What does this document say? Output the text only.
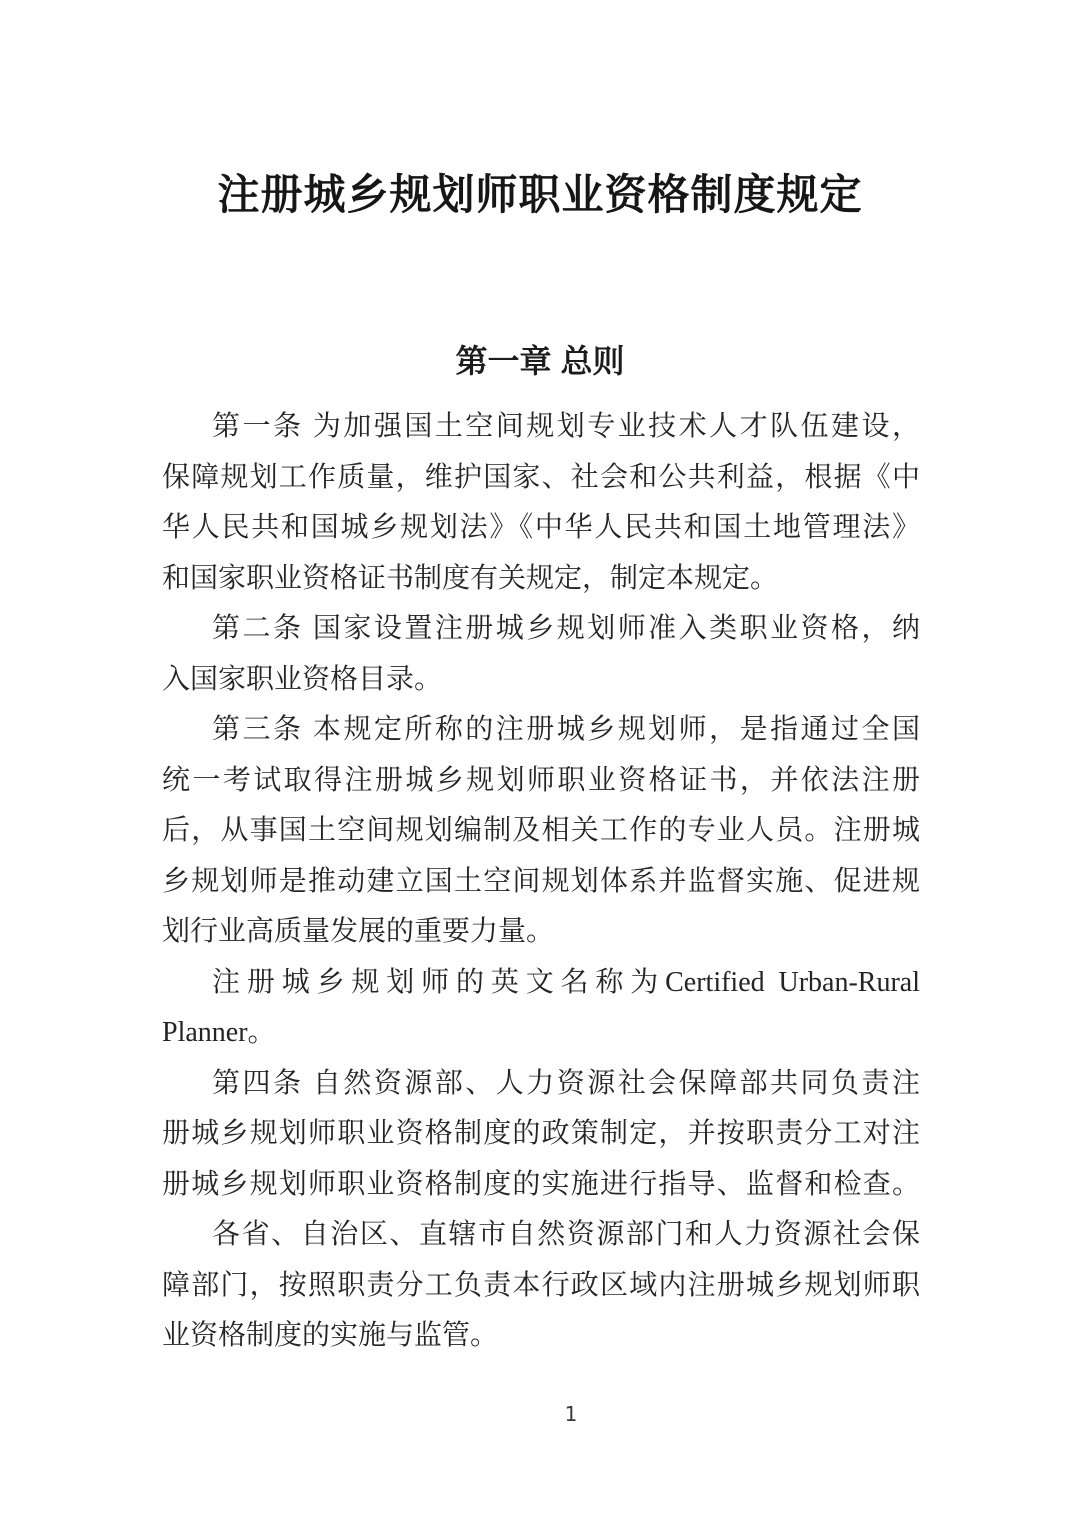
注册城乡规划师职业资格制度规定
第一章 总则
第一条 为加强国土空间规划专业技术人才队伍建设，
保障规划工作质量，维护国家、社会和公共利益，根据《中
华人民共和国城乡规划法》《中华人民共和国土地管理法》
和国家职业资格证书制度有关规定，制定本规定。
第二条 国家设置注册城乡规划师准入类职业资格，纳
入国家职业资格目录。
第三条 本规定所称的注册城乡规划师，是指通过全国
统一考试取得注册城乡规划师职业资格证书，并依法注册
后，从事国土空间规划编制及相关工作的专业人员。注册城
乡规划师是推动建立国土空间规划体系并监督实施、促进规
划行业高质量发展的重要力量。
注册城乡规划师的英文名称为Certified Urban-Rural
Planner。
第四条 自然资源部、人力资源社会保障部共同负责注
册城乡规划师职业资格制度的政策制定，并按职责分工对注
册城乡规划师职业资格制度的实施进行指导、监督和检查。
各省、自治区、直辖市自然资源部门和人力资源社会保
障部门，按照职责分工负责本行政区域内注册城乡规划师职
业资格制度的实施与监管。
1
